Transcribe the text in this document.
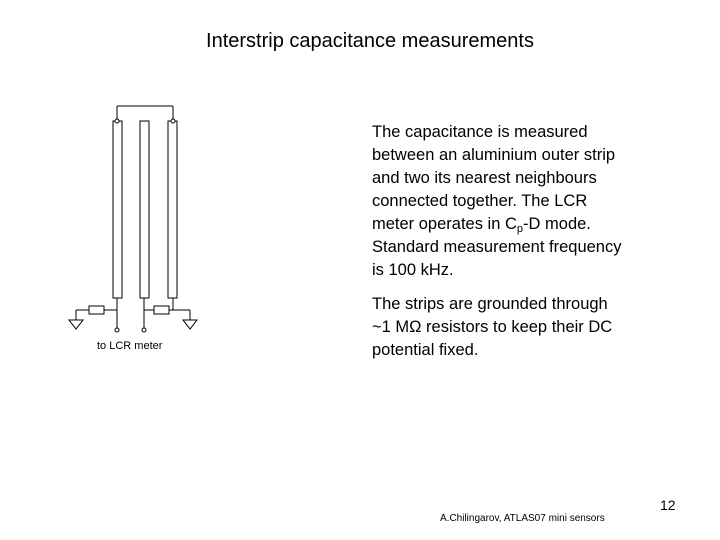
Interstrip capacitance measurements
to LCR meter
The capacitance is measured
between an aluminium outer strip
and two its nearest neighbours
connected together. The LCR
meter operates in $C_p-D$ mode.
Standard measurement frequency
is 100 kHz.
The strips are grounded through
~1 MΩ resistors to keep their DC
potential fixed.
12
A.Chilingarov, ATLAS07 mini sensors
